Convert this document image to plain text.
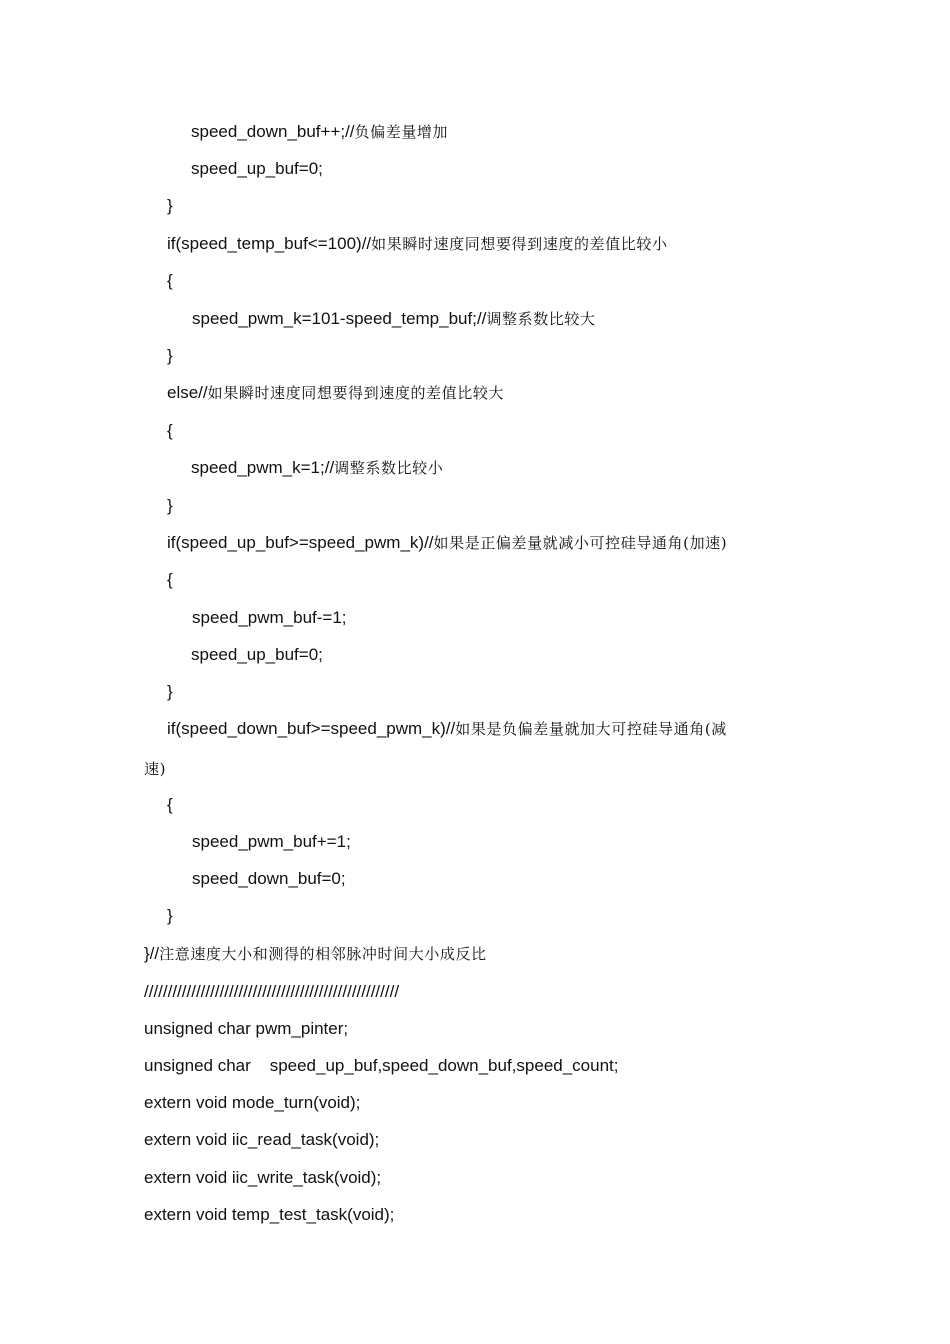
speed_down_buf++;//负偏差量增加
speed_up_buf=0;
}
if(speed_temp_buf<=100)//如果瞬时速度同想要得到速度的差值比较小
{
speed_pwm_k=101-speed_temp_buf;//调整系数比较大
}
else//如果瞬时速度同想要得到速度的差值比较大
{
speed_pwm_k=1;//调整系数比较小
}
if(speed_up_buf>=speed_pwm_k)//如果是正偏差量就减小可控硅导通角(加速)
{
speed_pwm_buf-=1;
speed_up_buf=0;
}
if(speed_down_buf>=speed_pwm_k)//如果是负偏差量就加大可控硅导通角(减
速)
{
speed_pwm_buf+=1;
speed_down_buf=0;
}
}//注意速度大小和测得的相邻脉冲时间大小成反比
//////////////////////////////////////////////////////
unsigned char pwm_pinter;
unsigned char    speed_up_buf,speed_down_buf,speed_count;
extern void mode_turn(void);
extern void iic_read_task(void);
extern void iic_write_task(void);
extern void temp_test_task(void);
